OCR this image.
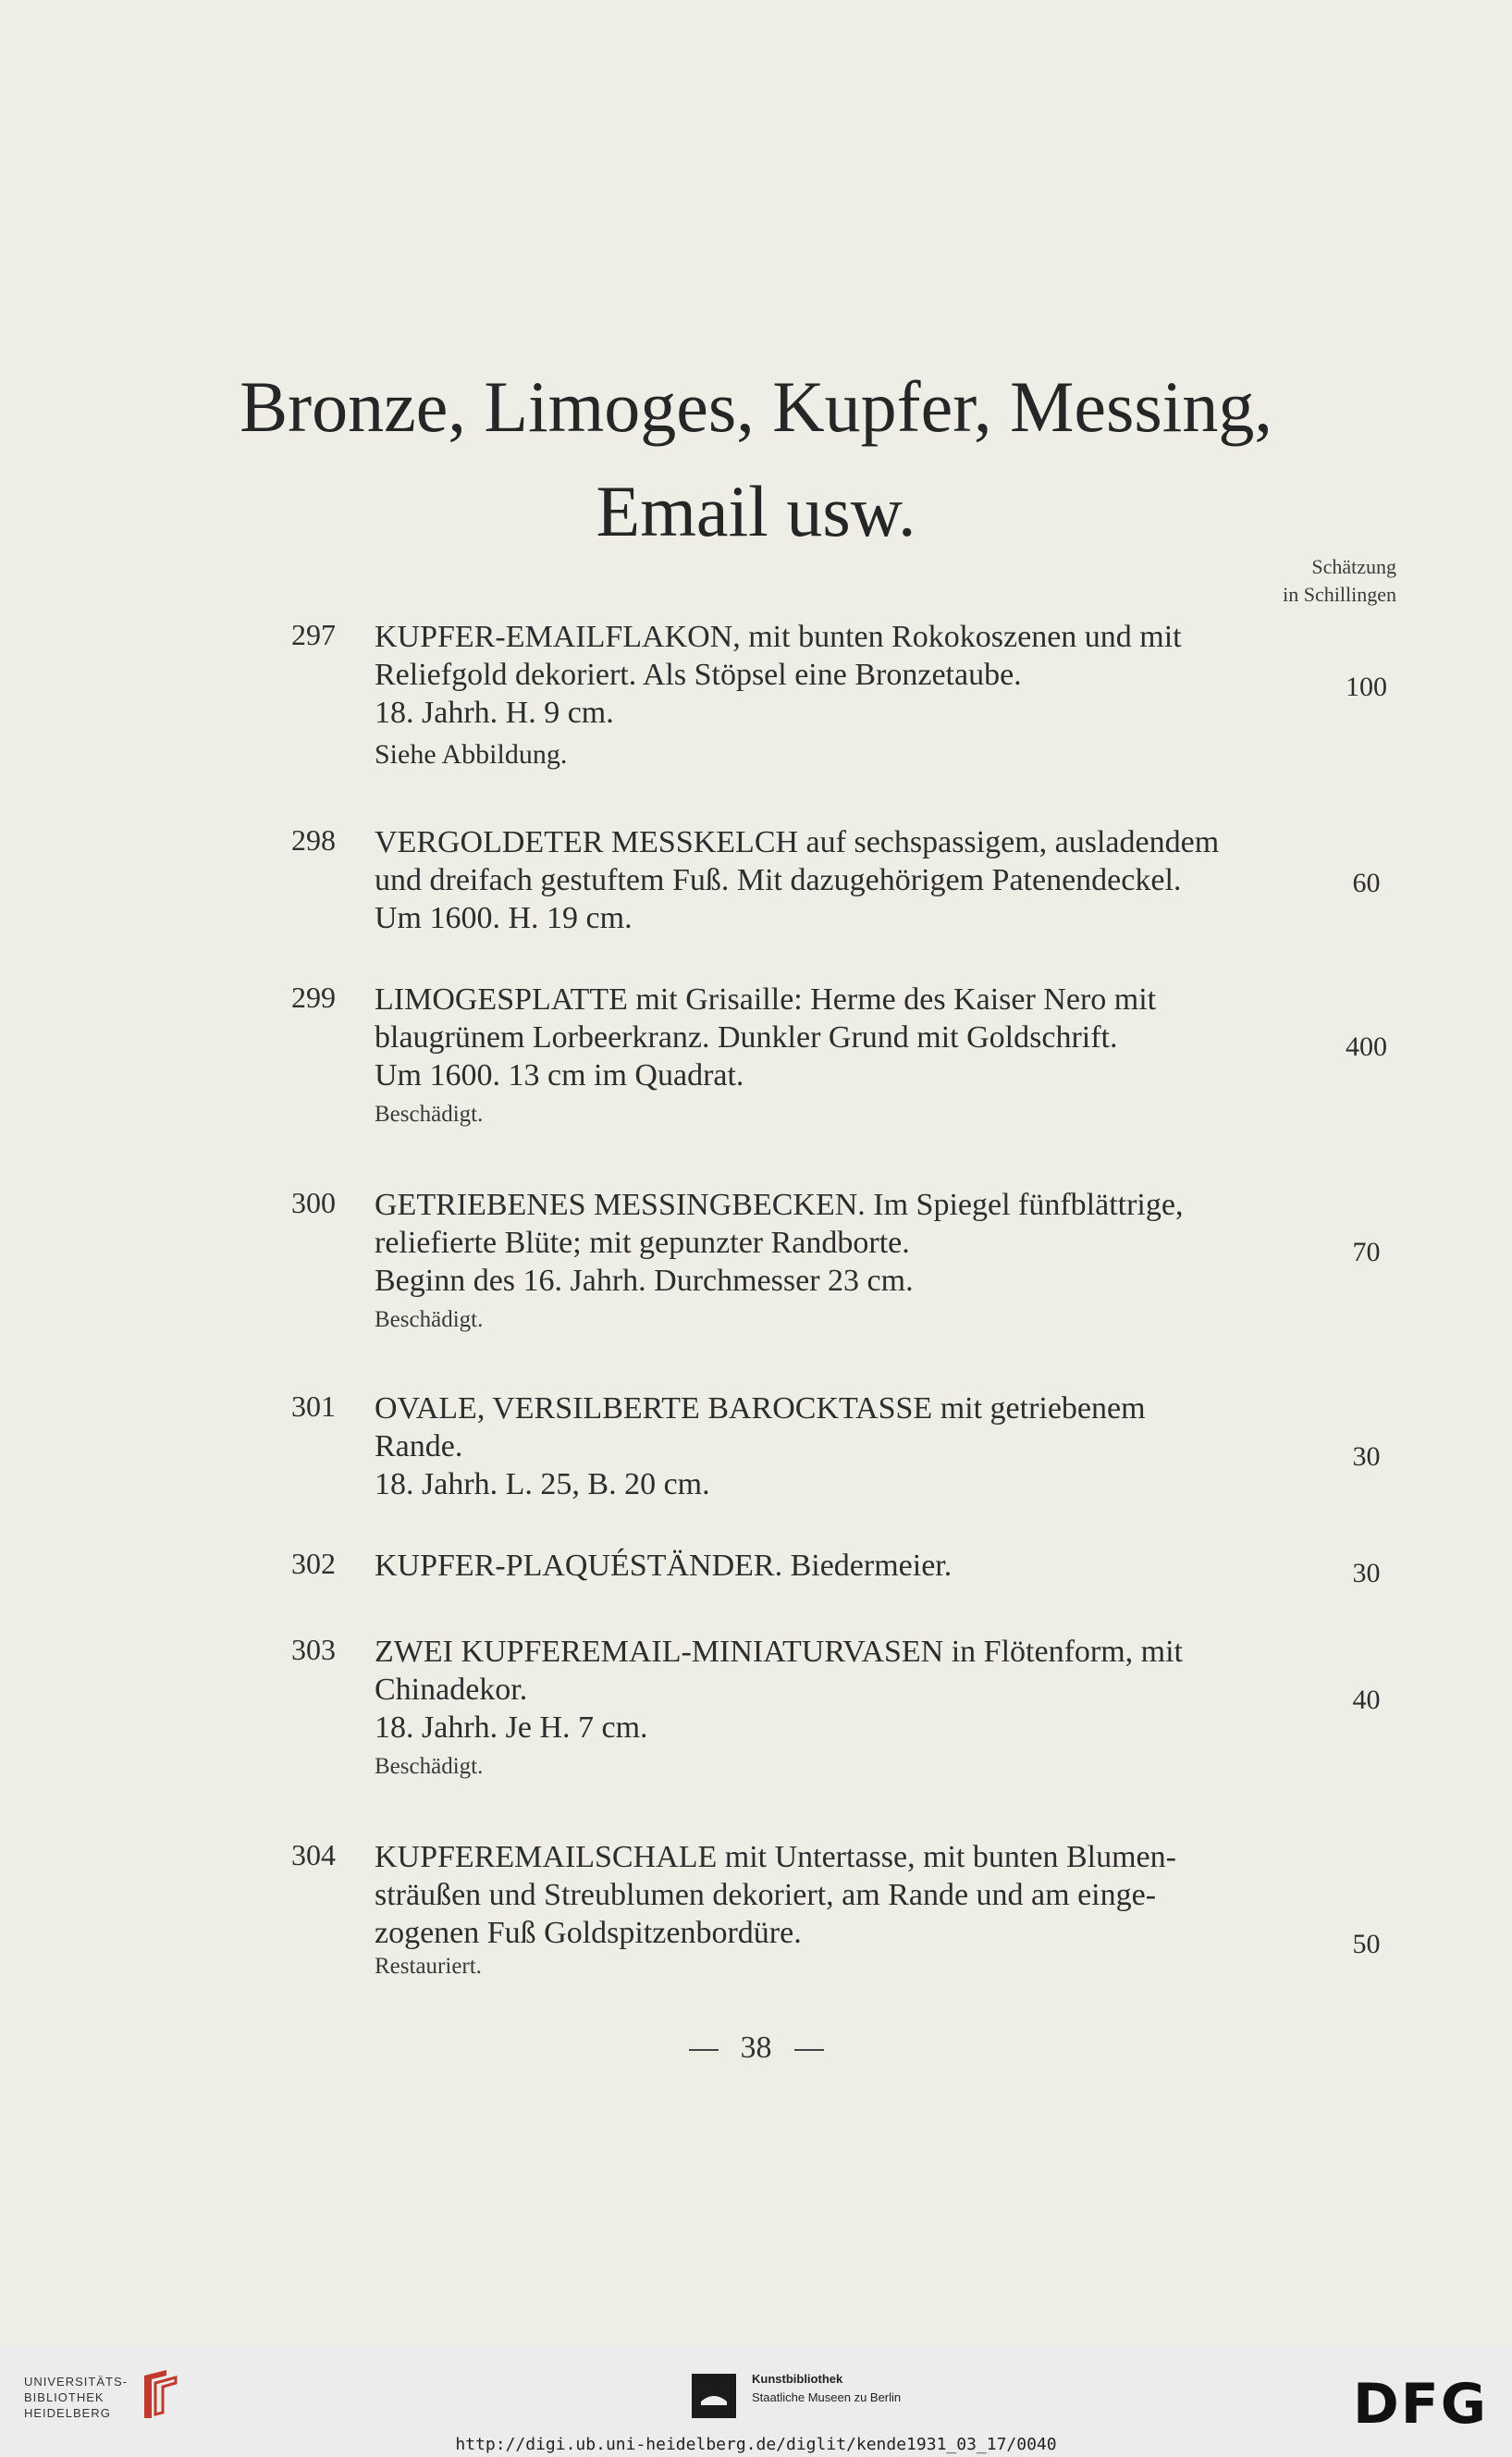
Bronze, Limoges, Kupfer, Messing,
Email usw.
Schätzung
in Schillingen
297 KUPFER-EMAILFLAKON, mit bunten Rokokoszenen und mit
Reliefgold dekoriert. Als Stöpsel eine Bronzetaube.
18. Jahrh. H. 9 cm.
Siehe Abbildung.
100
298 VERGOLDETER MESSKELCH auf sechspassigem, ausladendem
und dreifach gestuftem Fuß. Mit dazugehörigem Patenendeckel.
Um 1600. H. 19 cm.
60
299 LIMOGESPLATTE mit Grisaille: Herme des Kaiser Nero mit
blaugrünem Lorbeerkranz. Dunkler Grund mit Goldschrift.
Um 1600. 13 cm im Quadrat.
Beschädigt.
400
300 GETRIEBENES MESSINGBECKEN. Im Spiegel fünfblättrige,
reliefierte Blüte; mit gepunzter Randborte.
Beginn des 16. Jahrh. Durchmesser 23 cm.
Beschädigt.
70
301 OVALE, VERSILBERTE BAROCKTASSE mit getriebenem
Rande.
18. Jahrh. L. 25, B. 20 cm.
30
302 KUPFER-PLAQUÉSTÄNDER. Biedermeier.	30
303 ZWEI KUPFEREMAIL-MINIATURVASEN in Flötenform, mit
Chinadekor.
18. Jahrh. Je H. 7 cm.
Beschädigt.
40
304 KUPFEREMAILSCHALE mit Untertasse, mit bunten Blumen-
sträußen und Streublumen dekoriert, am Rande und am einge-
zogenen Fuß Goldspitzenbordüre.
Restauriert.
50
38
UNIVERSITÄTS-
BIBLIOTHEK
HEIDELBERG
Kunstbibliothek
Staatliche Museen zu Berlin	DFG
http://digi.ub.uni-heidelberg.de/diglit/kende1931_03_17/0040
